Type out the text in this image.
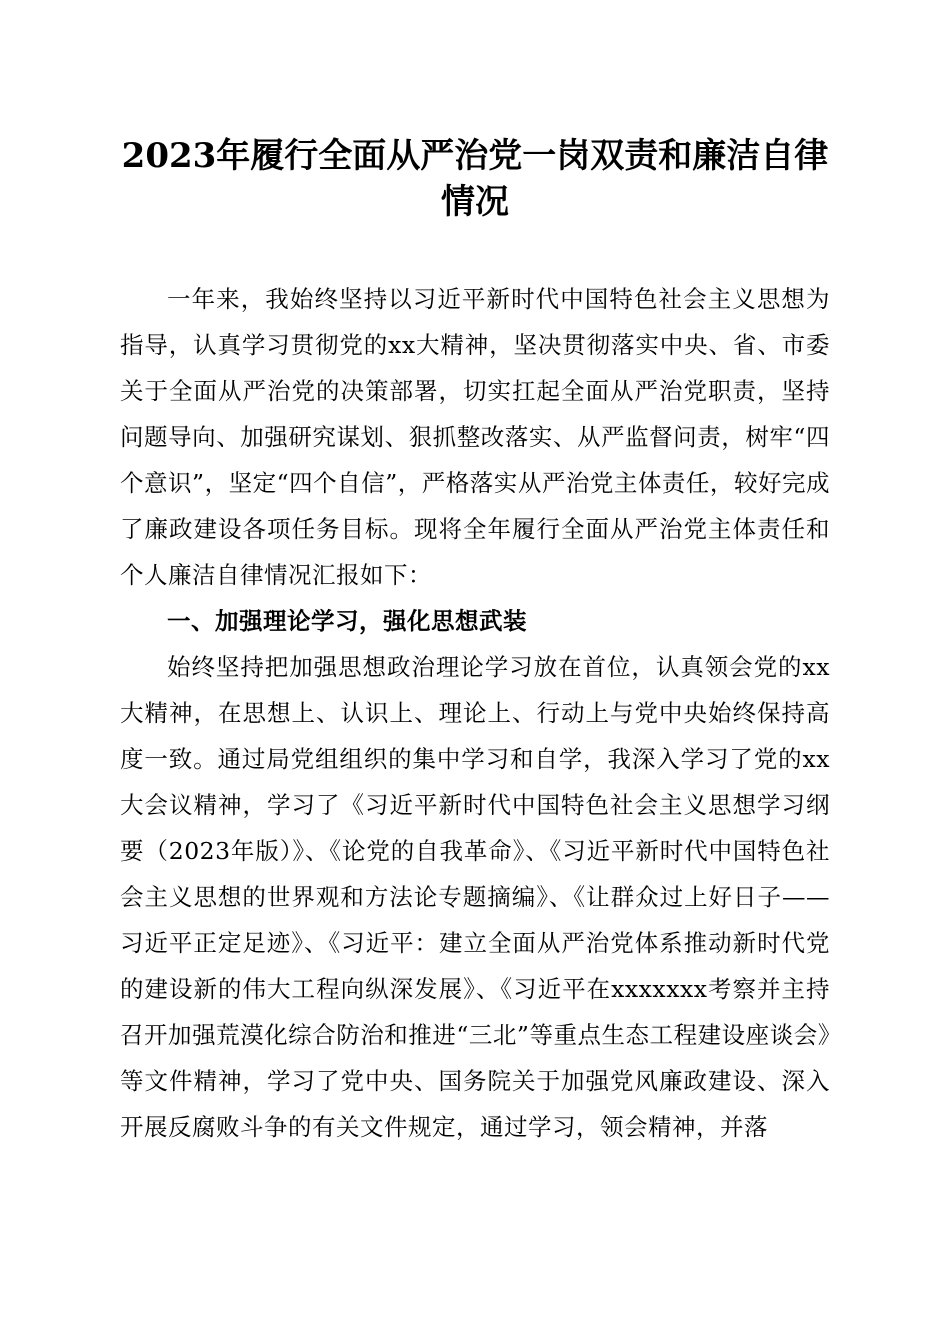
2023年履行全面从严治党一岗双责和廉洁自律情况

一年来，我始终坚持以习近平新时代中国特色社会主义思想为指导，认真学习贯彻党的xx大精神，坚决贯彻落实中央、省、市委关于全面从严治党的决策部署，切实扛起全面从严治党职责，坚持问题导向、加强研究谋划、狠抓整改落实、从严监督问责，树牢“四个意识”，坚定“四个自信”，严格落实从严治党主体责任，较好完成了廉政建设各项任务目标。现将全年履行全面从严治党主体责任和个人廉洁自律情况汇报如下：

一、加强理论学习，强化思想武装

始终坚持把加强思想政治理论学习放在首位，认真领会党的xx大精神，在思想上、认识上、理论上、行动上与党中央始终保持高度一致。通过局党组组织的集中学习和自学，我深入学习了党的xx大会议精神，学习了《习近平新时代中国特色社会主义思想学习纲要（2023年版）》、《论党的自我革命》、《习近平新时代中国特色社会主义思想的世界观和方法论专题摘编》、《让群众过上好日子——习近平正定足迹》、《习近平：建立全面从严治党体系推动新时代党的建设新的伟大工程向纵深发展》、《习近平在xxxxxxx考察并主持召开加强荒漠化综合防治和推进“三北”等重点生态工程建设座谈会》等文件精神，学习了党中央、国务院关于加强党风廉政建设、深入开展反腐败斗争的有关文件规定，通过学习，领会精神，并落
